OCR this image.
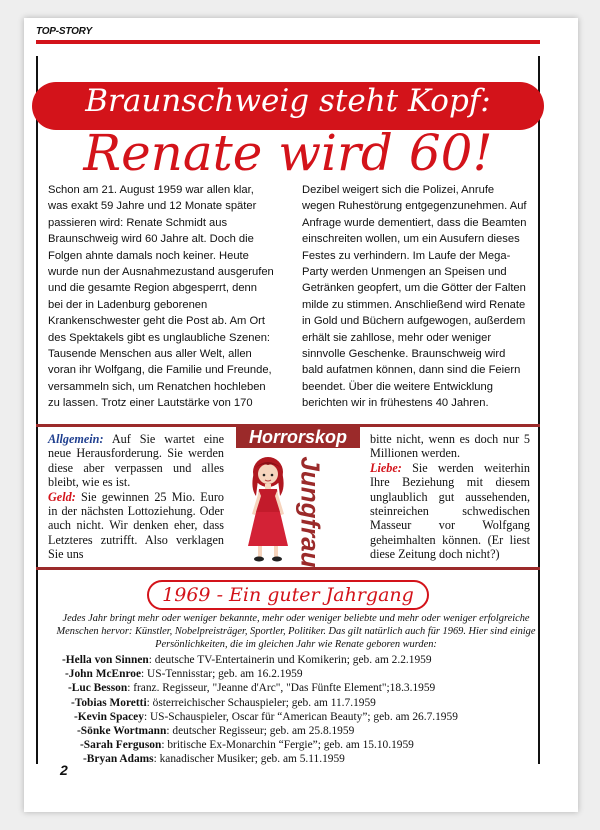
TOP-STORY
Braunschweig steht Kopf:
Renate wird 60!
Schon am 21. August 1959 war allen klar, was exakt 59 Jahre und 12 Monate später passieren wird: Renate Schmidt aus Braunschweig wird 60 Jahre alt. Doch die Folgen ahnte damals noch keiner. Heute wurde nun der Ausnahmezustand ausgerufen und die gesamte Region abgesperrt, denn bei der in Ladenburg geborenen Krankenschwester geht die Post ab. Am Ort des Spektakels gibt es unglaubliche Szenen: Tausende Menschen aus aller Welt, allen voran ihr Wolfgang, die Familie und Freunde, versammeln sich, um Renatchen hochleben zu lassen. Trotz einer Lautstärke von 170
Dezibel weigert sich die Polizei, Anrufe wegen Ruhestörung entgegenzunehmen. Auf Anfrage wurde dementiert, dass die Beamten einschreiten wollen, um ein Ausufern dieses Festes zu verhindern. Im Laufe der Mega-Party werden Unmengen an Speisen und Getränken geopfert, um die Götter der Falten milde zu stimmen. Anschließend wird Renate in Gold und Büchern aufgewogen, außerdem erhält sie zahllose, mehr oder weniger sinnvolle Geschenke. Braunschweig wird bald aufatmen können, dann sind die Feiern beendet. Über die weitere Entwicklung berichten wir in frühestens 40 Jahren.
Allgemein: Auf Sie wartet eine neue Herausforderung. Sie werden diese aber verpassen und alles bleibt, wie es ist.
Geld: Sie gewinnen 25 Mio. Euro in der nächsten Lottoziehung. Oder auch nicht. Wir denken eher, dass Letzteres zutrifft. Also verklagen Sie uns
Horrorskop
Jungfrau
bitte nicht, wenn es doch nur 5 Millionen werden.
Liebe: Sie werden weiterhin Ihre Beziehung mit diesem unglaublich gut aussehenden, steinreichen schwedischen Masseur vor Wolfgang geheimhalten können. (Er liest diese Zeitung doch nicht?)
1969 - Ein guter Jahrgang
Jedes Jahr bringt mehr oder weniger bekannte, mehr oder weniger beliebte und mehr oder weniger erfolgreiche Menschen hervor: Künstler, Nobelpreisträger, Sportler, Politiker. Das gilt natürlich auch für 1969. Hier sind einige Persönlichkeiten, die im gleichen Jahr wie Renate geboren wurden:
-Hella von Sinnen: deutsche TV-Entertainerin und Komikerin; geb. am 2.2.1959
-John McEnroe: US-Tennisstar; geb. am 16.2.1959
-Luc Besson: franz. Regisseur, "Jeanne d'Arc", "Das Fünfte Element";18.3.1959
-Tobias Moretti: österreichischer Schauspieler; geb. am 11.7.1959
-Kevin Spacey: US-Schauspieler, Oscar für “American Beauty”; geb. am 26.7.1959
-Sönke Wortmann: deutscher Regisseur; geb. am 25.8.1959
-Sarah Ferguson: britische Ex-Monarchin “Fergie”; geb. am 15.10.1959
-Bryan Adams: kanadischer Musiker; geb. am 5.11.1959
2
